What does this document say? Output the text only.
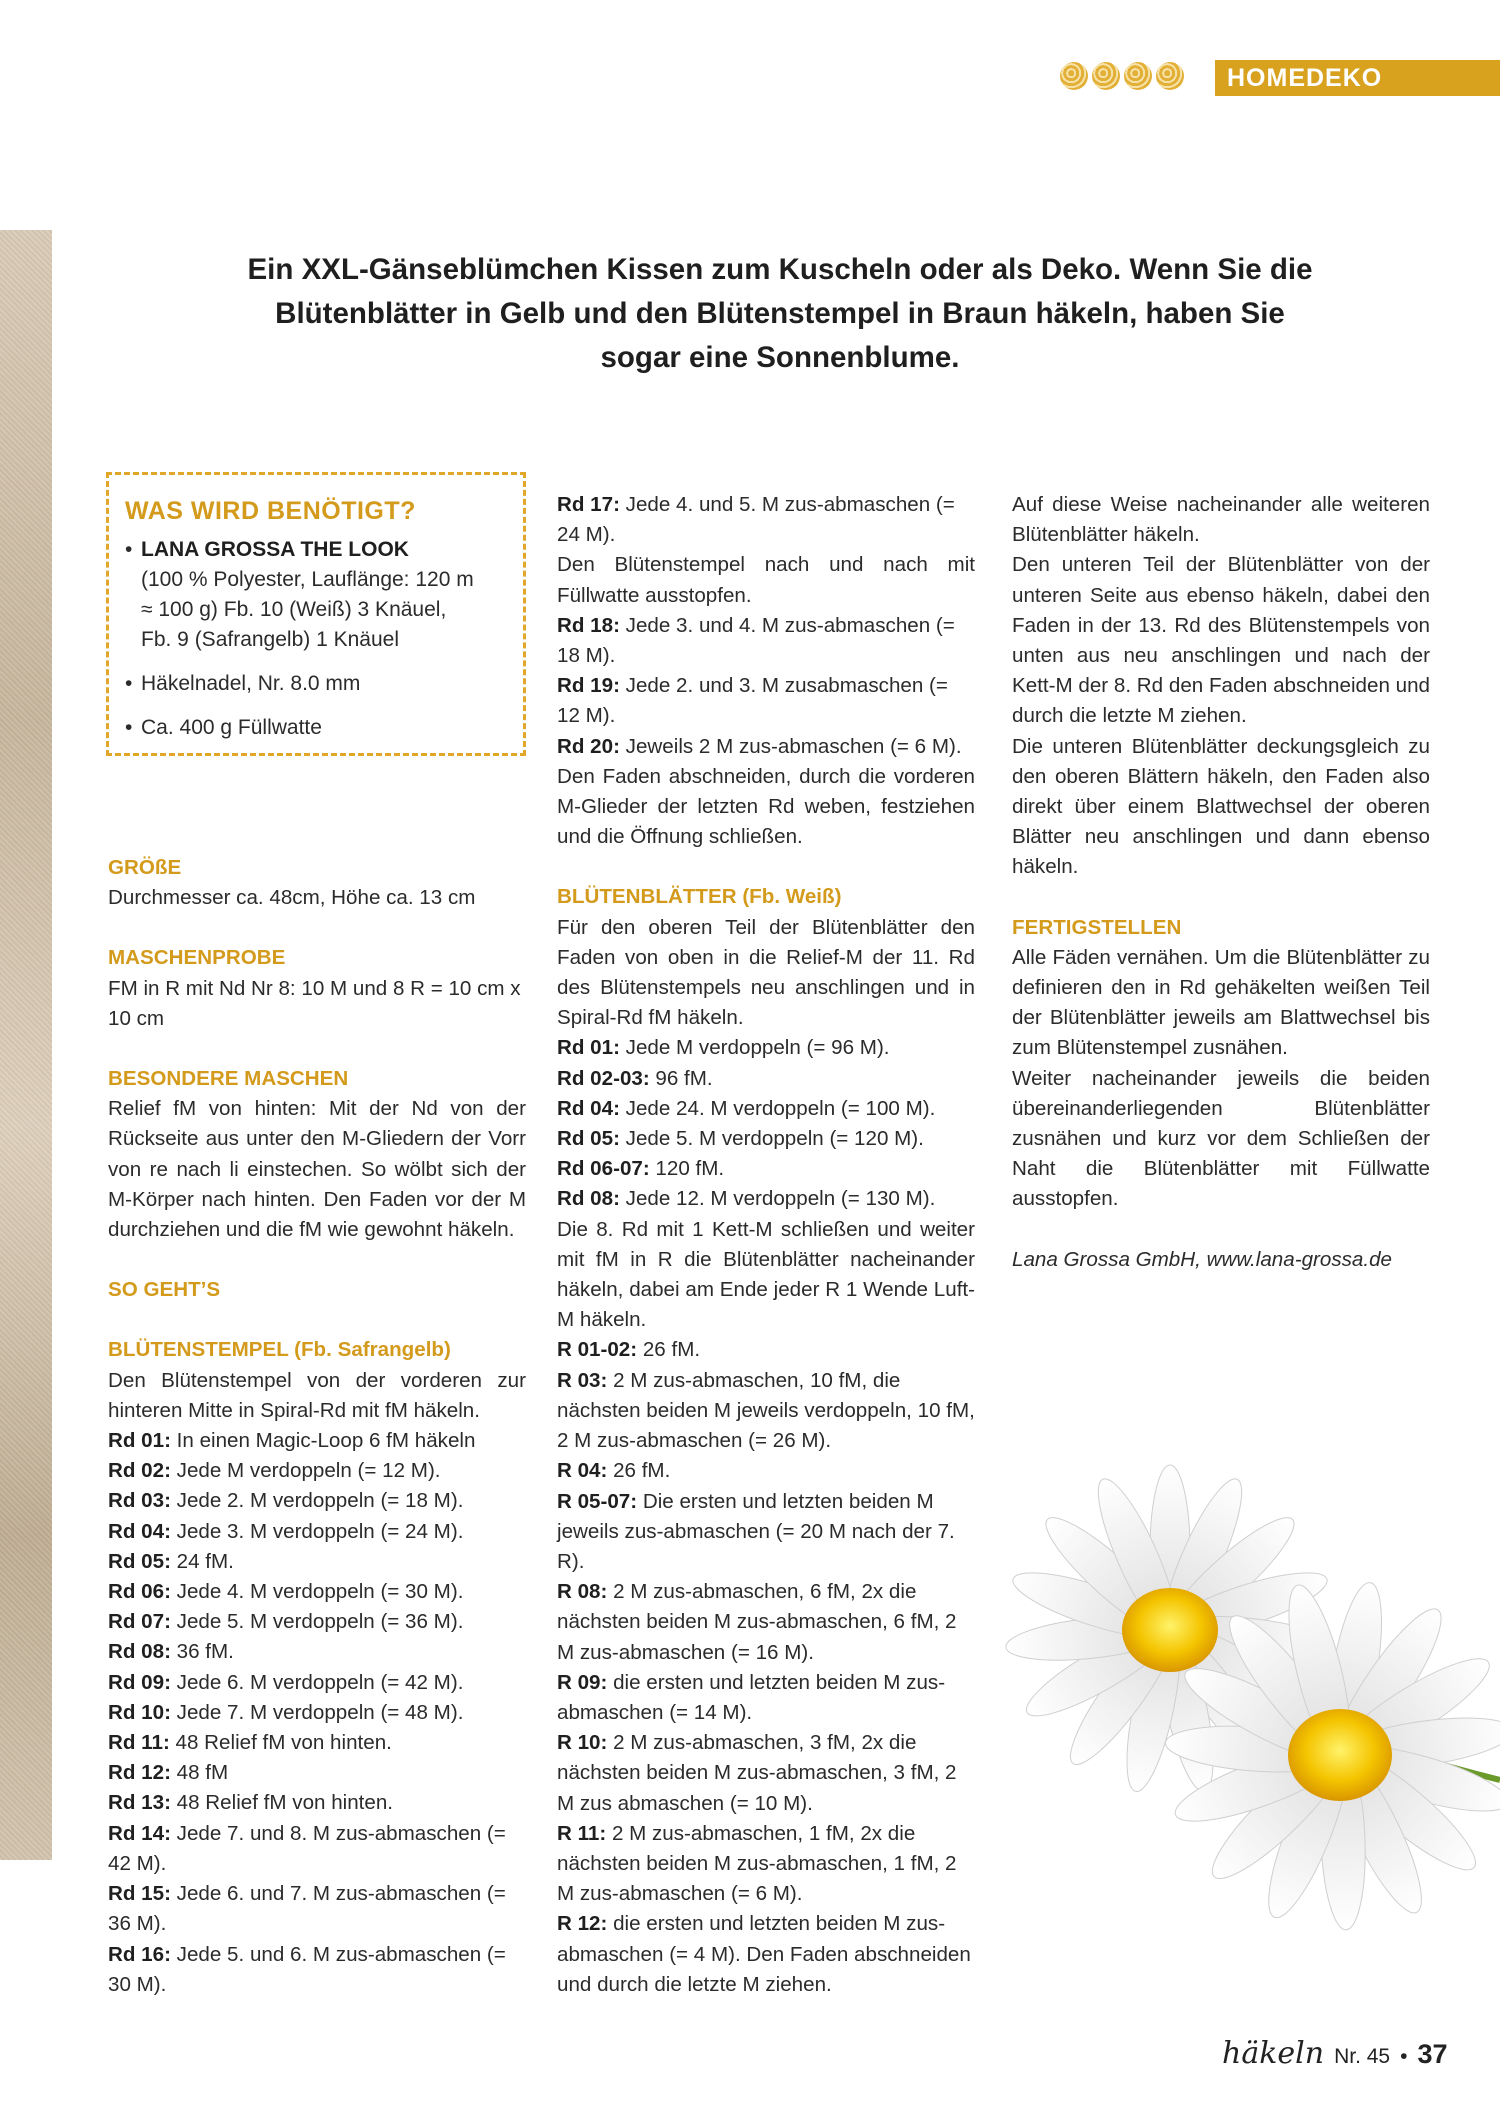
HOMEDEKO
Ein XXL-Gänseblümchen Kissen zum Kuscheln oder als Deko. Wenn Sie die
Blütenblätter in Gelb und den Blütenstempel in Braun häkeln, haben Sie
sogar eine Sonnenblume.
WAS WIRD BENÖTIGT?
• LANA GROSSA THE LOOK
(100 % Polyester, Lauflänge: 120 m
≈ 100 g) Fb. 10 (Weiß) 3 Knäuel,
Fb. 9 (Safrangelb) 1 Knäuel
• Häkelnadel, Nr. 8.0 mm
• Ca. 400 g Füllwatte

GRÖßE

Durchmesser ca. 48cm, Höhe ca. 13 cm

MASCHENPROBE

FM in R mit Nd Nr 8: 10 M und 8 R = 10 cm x 10 cm

BESONDERE MASCHEN

Relief fM von hinten: Mit der Nd von der Rückseite aus unter den M-Gliedern der Vorr von re nach li einstechen. So wölbt sich der M-Körper nach hinten. Den Faden vor der M durchziehen und die fM wie gewohnt häkeln.

SO GEHT’S

BLÜTENSTEMPEL (Fb. Safrangelb)

Den Blütenstempel von der vorderen zur hinteren Mitte in Spiral-Rd mit fM häkeln.

Rd 01: In einen Magic-Loop 6 fM häkeln

Rd 02: Jede M verdoppeln (= 12 M).

Rd 03: Jede 2. M verdoppeln (= 18 M).

Rd 04: Jede 3. M verdoppeln (= 24 M).

Rd 05: 24 fM.

Rd 06: Jede 4. M verdoppeln (= 30 M).

Rd 07: Jede 5. M verdoppeln (= 36 M).

Rd 08: 36 fM.

Rd 09: Jede 6. M verdoppeln (= 42 M).

Rd 10: Jede 7. M verdoppeln (= 48 M).

Rd 11: 48 Relief fM von hinten.

Rd 12: 48 fM

Rd 13: 48 Relief fM von hinten.

Rd 14: Jede 7. und 8. M zus-abmaschen (= 42 M).

Rd 15: Jede 6. und 7. M zus-abmaschen (= 36 M).

Rd 16: Jede 5. und 6. M zus-abmaschen (= 30 M).

Rd 17: Jede 4. und 5. M zus-abmaschen (= 24 M).

Den Blütenstempel nach und nach mit Füllwatte ausstopfen.

Rd 18: Jede 3. und 4. M zus-abmaschen (= 18 M).

Rd 19: Jede 2. und 3. M zusabmaschen (= 12 M).

Rd 20: Jeweils 2 M zus-abmaschen (= 6 M).

Den Faden abschneiden, durch die vorderen M-Glieder der letzten Rd weben, festziehen und die Öffnung schließen.

BLÜTENBLÄTTER (Fb. Weiß)

Für den oberen Teil der Blütenblätter den Faden von oben in die Relief-M der 11. Rd des Blütenstempels neu anschlingen und in Spiral-Rd fM häkeln.

Rd 01: Jede M verdoppeln (= 96 M).

Rd 02-03: 96 fM.

Rd 04: Jede 24. M verdoppeln (= 100 M).

Rd 05: Jede 5. M verdoppeln (= 120 M).

Rd 06-07: 120 fM.

Rd 08: Jede 12. M verdoppeln (= 130 M).

Die 8. Rd mit 1 Kett-M schließen und weiter mit fM in R die Blütenblätter nacheinander häkeln, dabei am Ende jeder R 1 Wende Luft-M häkeln.

R 01-02: 26 fM.

R 03: 2 M zus-abmaschen, 10 fM, die nächsten beiden M jeweils verdoppeln, 10 fM, 2 M zus-abmaschen (= 26 M).

R 04: 26 fM.

R 05-07: Die ersten und letzten beiden M jeweils zus-abmaschen (= 20 M nach der 7. R).

R 08: 2 M zus-abmaschen, 6 fM, 2x die nächsten beiden M zus-abmaschen, 6 fM, 2 M zus-abmaschen (= 16 M).

R 09: die ersten und letzten beiden M zus-abmaschen (= 14 M).

R 10: 2 M zus-abmaschen, 3 fM, 2x die nächsten beiden M zus-abmaschen, 3 fM, 2 M zus abmaschen (= 10 M).

R 11: 2 M zus-abmaschen, 1 fM, 2x die nächsten beiden M zus-abmaschen, 1 fM, 2 M zus-abmaschen (= 6 M).

R 12: die ersten und letzten beiden M zus-abmaschen (= 4 M). Den Faden abschneiden und durch die letzte M ziehen.

Auf diese Weise nacheinander alle weiteren Blütenblätter häkeln.

Den unteren Teil der Blütenblätter von der unteren Seite aus ebenso häkeln, dabei den Faden in der 13. Rd des Blütenstempels von unten aus neu anschlingen und nach der Kett-M der 8. Rd den Faden abschneiden und durch die letzte M ziehen.

Die unteren Blütenblätter deckungsgleich zu den oberen Blättern häkeln, den Faden also direkt über einem Blattwechsel der oberen Blätter neu anschlingen und dann ebenso häkeln.

FERTIGSTELLEN

Alle Fäden vernähen. Um die Blütenblätter zu definieren den in Rd gehäkelten weißen Teil der Blütenblätter jeweils am Blattwechsel bis zum Blütenstempel zusnähen.

Weiter nacheinander jeweils die beiden übereinanderliegenden Blütenblätter zusnähen und kurz vor dem Schließen der Naht die Blütenblätter mit Füllwatte ausstopfen.

Lana Grossa GmbH, www.lana-grossa.de

häkeln Nr. 45 • 37
